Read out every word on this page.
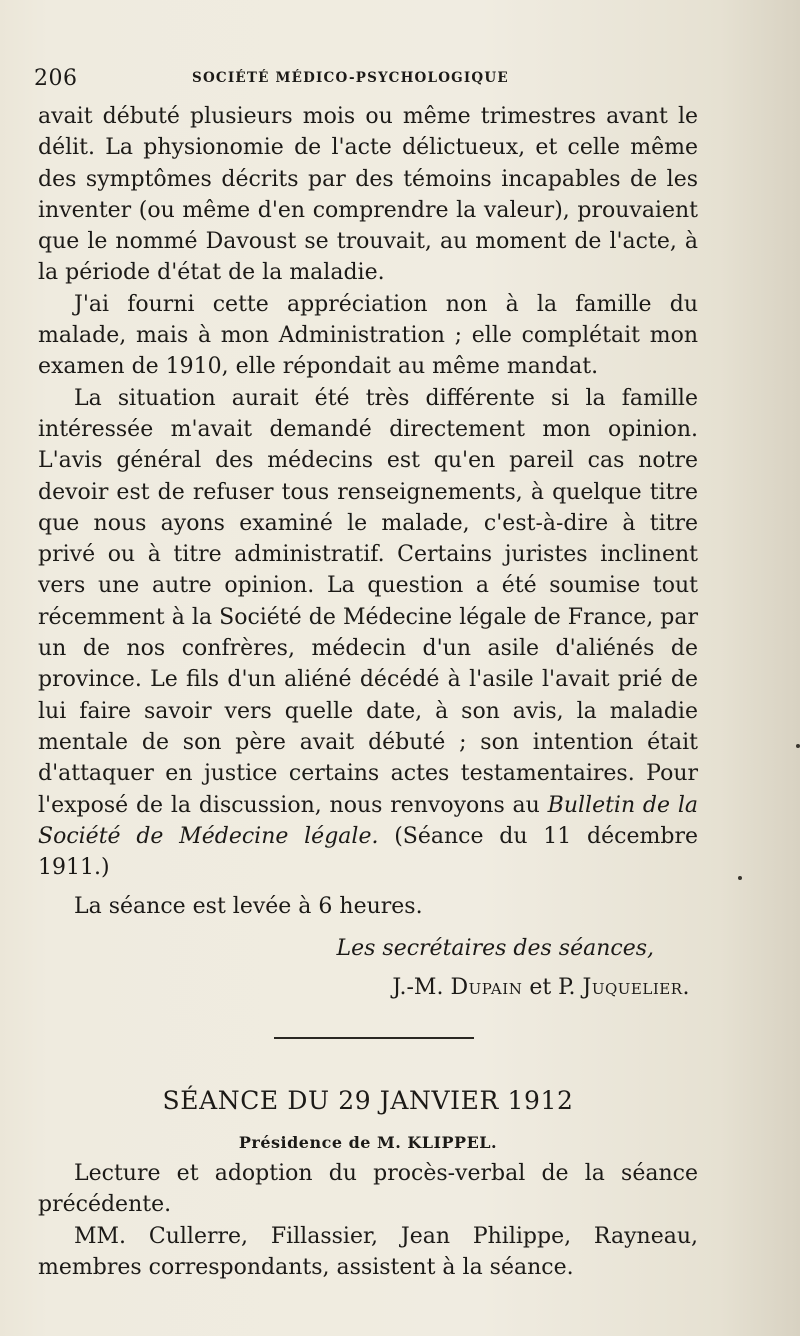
206	SOCIÉTÉ MÉDICO-PSYCHOLOGIQUE

avait débuté plusieurs mois ou même trimestres avant le délit. La physionomie de l'acte délictueux, et celle même des symptômes décrits par des témoins incapables de les inventer (ou même d'en comprendre la valeur), prouvaient que le nommé Davoust se trouvait, au moment de l'acte, à la période d'état de la maladie.

J'ai fourni cette appréciation non à la famille du malade, mais à mon Administration ; elle complétait mon examen de 1910, elle répondait au même mandat.

La situation aurait été très différente si la famille intéressée m'avait demandé directement mon opinion. L'avis général des médecins est qu'en pareil cas notre devoir est de refuser tous renseignements, à quelque titre que nous ayons examiné le malade, c'est-à-dire à titre privé ou à titre administratif. Certains juristes inclinent vers une autre opinion. La question a été soumise tout récemment à la Société de Médecine légale de France, par un de nos confrères, médecin d'un asile d'aliénés de province. Le fils d'un aliéné décédé à l'asile l'avait prié de lui faire savoir vers quelle date, à son avis, la maladie mentale de son père avait débuté ; son intention était d'attaquer en justice certains actes testamentaires. Pour l'exposé de la discussion, nous renvoyons au Bulletin de la Société de Médecine légale. (Séance du 11 décembre 1911.)

La séance est levée à 6 heures.

Les secrétaires des séances,
J.-M. Dupain et P. Juquelier.
SÉANCE DU 29 JANVIER 1912
Présidence de M. KLIPPEL.

Lecture et adoption du procès-verbal de la séance précédente.

MM. Cullerre, Fillassier, Jean Philippe, Rayneau, membres correspondants, assistent à la séance.
